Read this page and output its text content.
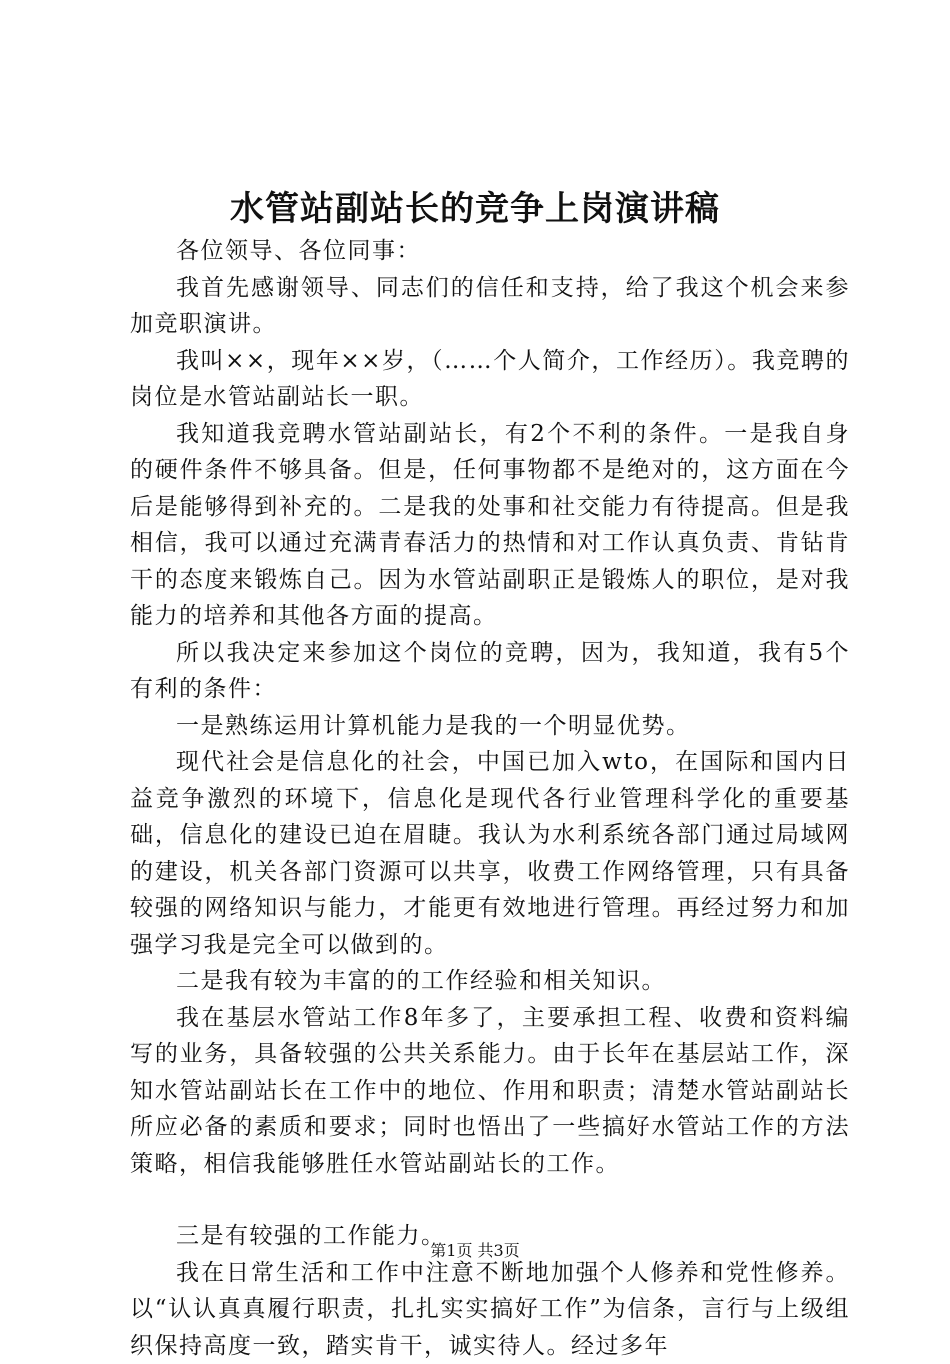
水管站副站长的竞争上岗演讲稿

各位领导、各位同事：

我首先感谢领导、同志们的信任和支持，给了我这个机会来参加竞职演讲。

我叫××，现年××岁，（……个人简介，工作经历）。我竞聘的岗位是水管站副站长一职。

我知道我竞聘水管站副站长，有2个不利的条件。一是我自身的硬件条件不够具备。但是，任何事物都不是绝对的，这方面在今后是能够得到补充的。二是我的处事和社交能力有待提高。但是我相信，我可以通过充满青春活力的热情和对工作认真负责、肯钻肯干的态度来锻炼自己。因为水管站副职正是锻炼人的职位，是对我能力的培养和其他各方面的提高。

所以我决定来参加这个岗位的竞聘，因为，我知道，我有5个有利的条件：

一是熟练运用计算机能力是我的一个明显优势。

现代社会是信息化的社会，中国已加入wto，在国际和国内日益竞争激烈的环境下，信息化是现代各行业管理科学化的重要基础，信息化的建设已迫在眉睫。我认为水利系统各部门通过局域网的建设，机关各部门资源可以共享，收费工作网络管理，只有具备较强的网络知识与能力，才能更有效地进行管理。再经过努力和加强学习我是完全可以做到的。

二是我有较为丰富的的工作经验和相关知识。

我在基层水管站工作8年多了，主要承担工程、收费和资料编写的业务，具备较强的公共关系能力。由于长年在基层站工作，深知水管站副站长在工作中的地位、作用和职责；清楚水管站副站长所应必备的素质和要求；同时也悟出了一些搞好水管站工作的方法策略，相信我能够胜任水管站副站长的工作。

三是有较强的工作能力。

我在日常生活和工作中注意不断地加强个人修养和党性修养。以“认认真真履行职责，扎扎实实搞好工作”为信条，言行与上级组织保持高度一致，踏实肯干，诚实待人。经过多年

第1页 共3页
